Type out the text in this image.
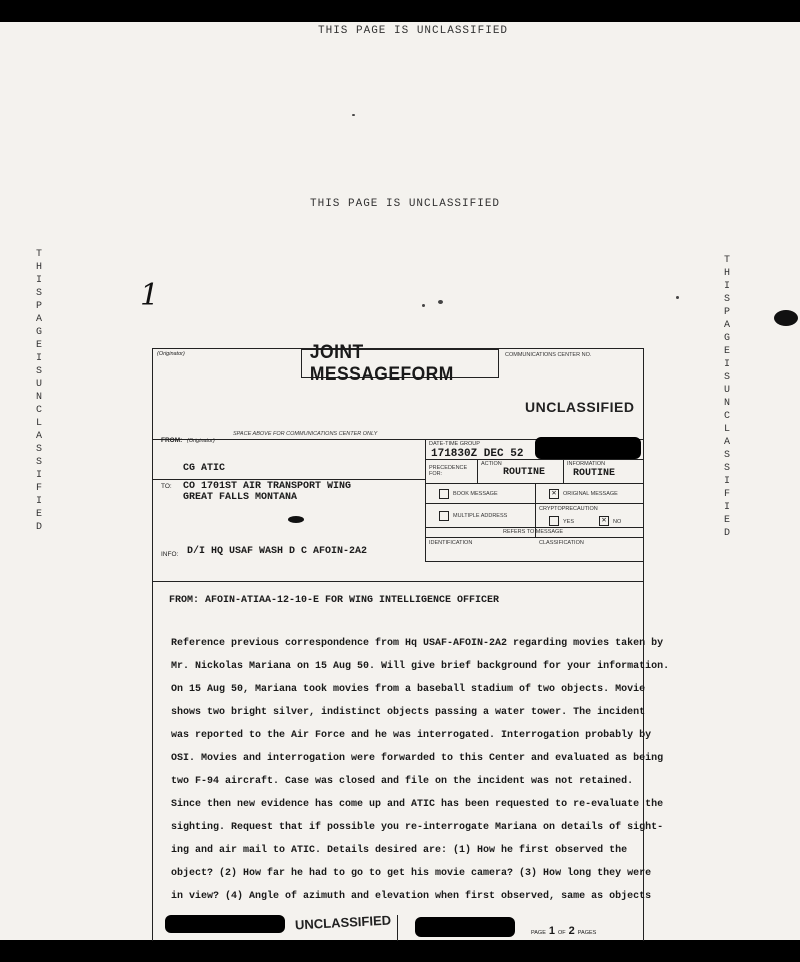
THIS PAGE IS UNCLASSIFIED
THIS PAGE IS UNCLASSIFIED
T
H
I
S
P
A
G
E
I
S
U
N
C
L
A
S
S
I
F
I
E
D
T
H
I
S
P
A
G
E
I
S
U
N
C
L
A
S
S
I
F
I
E
D
1
(Originator)	JOINT MESSAGEFORM
COMMUNICATIONS CENTER NO.
UNCLASSIFIED
SPACE ABOVE FOR COMMUNICATIONS CENTER ONLY
FROM: (Originator)
CG ATIC
TO: CO 1701ST AIR TRANSPORT WING
GREAT FALLS MONTANA
INFO: D/I HQ USAF WASH D C AFOIN-2A2
DATE-TIME GROUP
171830Z DEC 52
PRECEDENCE FOR:
ACTION
ROUTINE
INFORMATION
ROUTINE
BOOK MESSAGE	✕	ORIGINAL MESSAGE
MULTIPLE ADDRESS
CRYPTOPRECAUTION
YES	✕	NO
REFERS TO MESSAGE
IDENTIFICATION	CLASSIFICATION
FROM: AFOIN-ATIAA-12-10-E FOR WING INTELLIGENCE OFFICER
Reference previous correspondence from Hq USAF-AFOIN-2A2 regarding movies taken by
Mr. Nickolas Mariana on 15 Aug 50. Will give brief background for your information.
On 15 Aug 50, Mariana took movies from a baseball stadium of two objects. Movie
shows two bright silver, indistinct objects passing a water tower. The incident
was reported to the Air Force and he was interrogated. Interrogation probably by
OSI. Movies and interrogation were forwarded to this Center and evaluated as being
two F-94 aircraft. Case was closed and file on the incident was not retained.
Since then new evidence has come up and ATIC has been requested to re-evaluate the
sighting. Request that if possible you re-interrogate Mariana on details of sight-
ing and air mail to ATIC. Details desired are: (1) How he first observed the
object? (2) How far he had to go to get his movie camera? (3) How long they were
in view? (4) Angle of azimuth and elevation when first observed, same as objects
UNCLASSIFIED
PAGE 1 OF 2 PAGES
